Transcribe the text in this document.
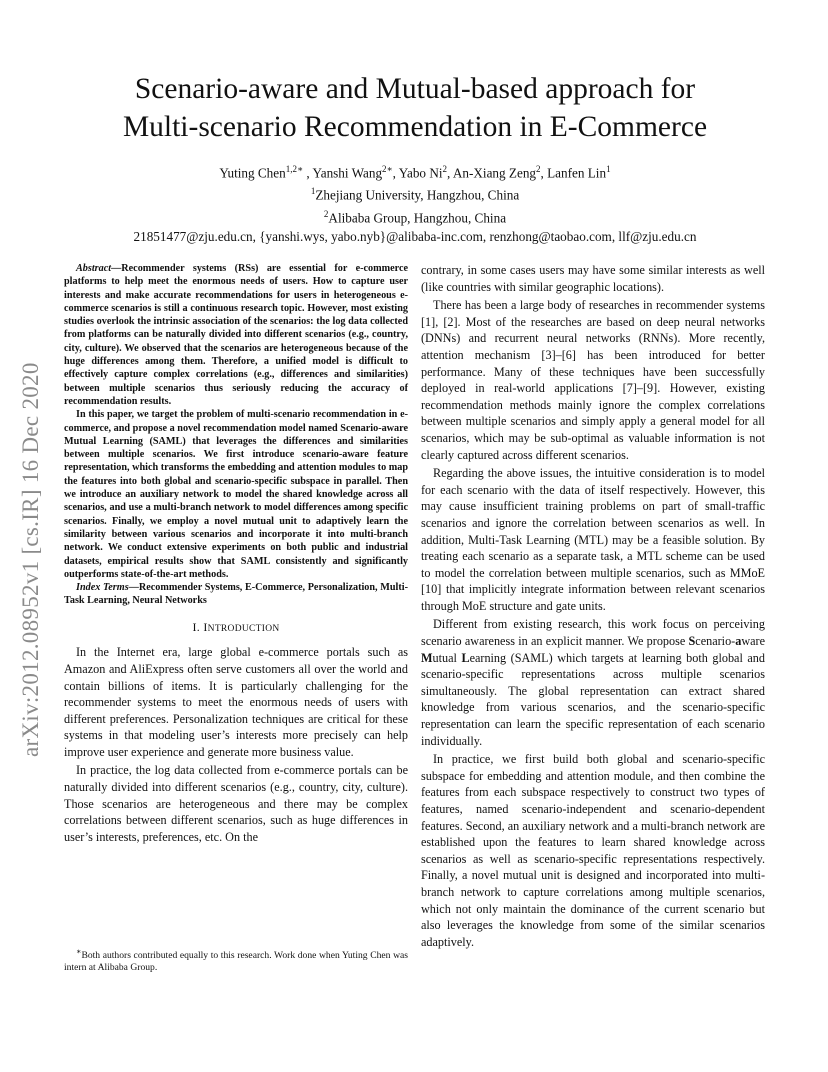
arXiv:2012.08952v1 [cs.IR] 16 Dec 2020
Scenario-aware and Mutual-based approach for
Multi-scenario Recommendation in E-Commerce
Yuting Chen$^{1,2∗}$ , Yanshi Wang$^{2∗}$, Yabo Ni$^2$, An-Xiang Zeng$^2$, Lanfen Lin$^1$
$^1$Zhejiang University, Hangzhou, China
$^2$Alibaba Group, Hangzhou, China
21851477@zju.edu.cn, {yanshi.wys, yabo.nyb}@alibaba-inc.com, renzhong@taobao.com, llf@zju.edu.cn

Abstract—Recommender systems (RSs) are essential for e-commerce platforms to help meet the enormous needs of users. How to capture user interests and make accurate recommendations for users in heterogeneous e-commerce scenarios is still a continuous research topic. However, most existing studies overlook the intrinsic association of the scenarios: the log data collected from platforms can be naturally divided into different scenarios (e.g., country, city, culture). We observed that the scenarios are heterogeneous because of the huge differences among them. Therefore, a unified model is difficult to effectively capture complex correlations (e.g., differences and similarities) between multiple scenarios thus seriously reducing the accuracy of recommendation results.

In this paper, we target the problem of multi-scenario recommendation in e-commerce, and propose a novel recommendation model named Scenario-aware Mutual Learning (SAML) that leverages the differences and similarities between multiple scenarios. We first introduce scenario-aware feature representation, which transforms the embedding and attention modules to map the features into both global and scenario-specific subspace in parallel. Then we introduce an auxiliary network to model the shared knowledge across all scenarios, and use a multi-branch network to model differences among specific scenarios. Finally, we employ a novel mutual unit to adaptively learn the similarity between various scenarios and incorporate it into multi-branch network. We conduct extensive experiments on both public and industrial datasets, empirical results show that SAML consistently and significantly outperforms state-of-the-art methods.

Index Terms—Recommender Systems, E-Commerce, Personalization, Multi-Task Learning, Neural Networks

I. INTRODUCTION

In the Internet era, large global e-commerce portals such as Amazon and AliExpress often serve customers all over the world and contain billions of items. It is particularly challenging for the recommender systems to meet the enormous needs of users with different preferences. Personalization techniques are critical for these systems in that modeling user’s interests more precisely can help improve user experience and generate more business value.

In practice, the log data collected from e-commerce portals can be naturally divided into different scenarios (e.g., country, city, culture). Those scenarios are heterogeneous and there may be complex correlations between different scenarios, such as huge differences in user’s interests, preferences, etc. On the

contrary, in some cases users may have some similar interests as well (like countries with similar geographic locations).

There has been a large body of researches in recommender systems [1], [2]. Most of the researches are based on deep neural networks (DNNs) and recurrent neural networks (RNNs). More recently, attention mechanism [3]–[6] has been introduced for better performance. Many of these techniques have been successfully deployed in real-world applications [7]–[9]. However, existing recommendation methods mainly ignore the complex correlations between multiple scenarios and simply apply a general model for all scenarios, which may be sub-optimal as valuable information is not clearly captured across different scenarios.

Regarding the above issues, the intuitive consideration is to model for each scenario with the data of itself respectively. However, this may cause insufficient training problems on part of small-traffic scenarios and ignore the correlation between scenarios as well. In addition, Multi-Task Learning (MTL) may be a feasible solution. By treating each scenario as a separate task, a MTL scheme can be used to model the correlation between multiple scenarios, such as MMoE [10] that implicitly integrate information between relevant scenarios through MoE structure and gate units.

Different from existing research, this work focus on perceiving scenario awareness in an explicit manner. We propose Scenario-aware Mutual Learning (SAML) which targets at learning both global and scenario-specific representations across multiple scenarios simultaneously. The global representation can extract shared knowledge from various scenarios, and the scenario-specific representation can learn the specific representation of each scenario individually.

In practice, we first build both global and scenario-specific subspace for embedding and attention module, and then combine the features from each subspace respectively to construct two types of features, named scenario-independent and scenario-dependent features. Second, an auxiliary network and a multi-branch network are established upon the features to learn shared knowledge across scenarios as well as scenario-specific representations respectively. Finally, a novel mutual unit is designed and incorporated into multi-branch network to capture correlations among multiple scenarios, which not only maintain the dominance of the current scenario but also leverages the knowledge from some of the similar scenarios adaptively.

∗Both authors contributed equally to this research. Work done when Yuting Chen was intern at Alibaba Group.
